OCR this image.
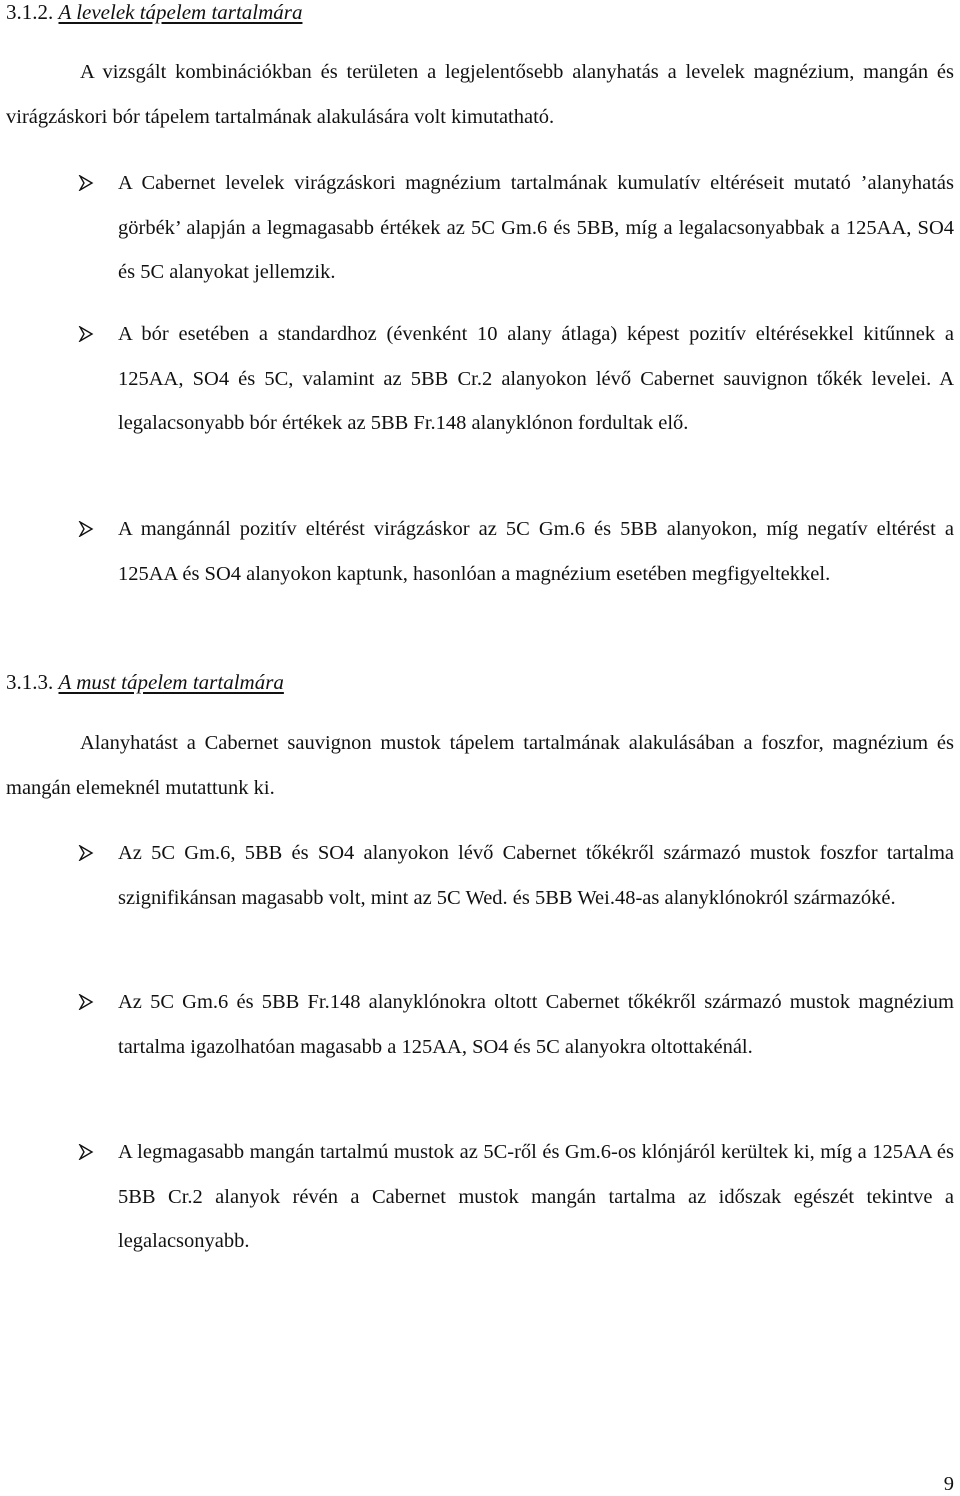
3.1.2. A levelek tápelem tartalmára
A vizsgált kombinációkban és területen a legjelentősebb alanyhatás a levelek magnézium, mangán és virágzáskori bór tápelem tartalmának alakulására volt kimutatható.
A Cabernet levelek virágzáskori magnézium tartalmának kumulatív eltéréseit mutató ’alanyhatás görbék’ alapján a legmagasabb értékek az 5C Gm.6 és 5BB, míg a legalacsonyabbak a 125AA, SO4 és 5C alanyokat jellemzik.
A bór esetében a standardhoz (évenként 10 alany átlaga) képest pozitív eltérésekkel kitűnnek a 125AA, SO4 és 5C, valamint az 5BB Cr.2 alanyokon lévő Cabernet sauvignon tőkék levelei. A legalacsonyabb bór értékek az 5BB Fr.148 alanyklónon fordultak elő.
A mangánnál pozitív eltérést virágzáskor az 5C Gm.6 és 5BB alanyokon, míg negatív eltérést a 125AA és SO4 alanyokon kaptunk, hasonlóan a magnézium esetében megfigyeltekkel.
3.1.3. A must tápelem tartalmára
Alanyhatást a Cabernet sauvignon mustok tápelem tartalmának alakulásában a foszfor, magnézium és mangán elemeknél mutattunk ki.
Az 5C Gm.6, 5BB és SO4 alanyokon lévő Cabernet tőkékről származó mustok foszfor tartalma szignifikánsan magasabb volt, mint az 5C Wed. és 5BB Wei.48-as alanyklónokról származóké.
Az 5C Gm.6 és 5BB Fr.148 alanyklónokra oltott Cabernet tőkékről származó mustok magnézium tartalma igazolhatóan magasabb a 125AA, SO4 és 5C alanyokra oltottakénál.
A legmagasabb mangán tartalmú mustok az 5C-ről és Gm.6-os klónjáról kerültek ki, míg a 125AA és 5BB Cr.2 alanyok révén a Cabernet mustok mangán tartalma az időszak egészét tekintve a legalacsonyabb.
9
